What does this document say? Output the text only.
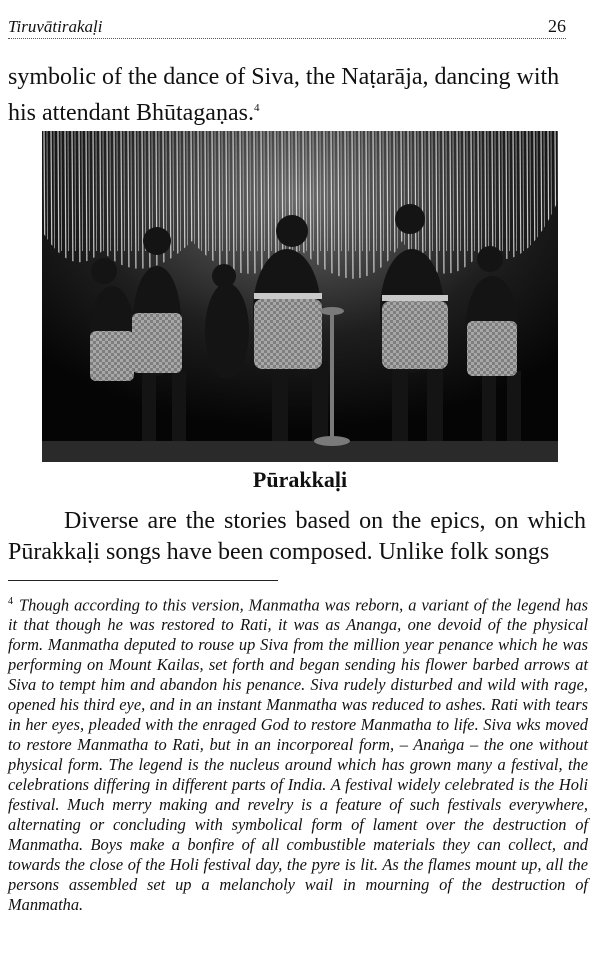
Tiruvātirakaḷi	26

symbolic of the dance of Siva, the Naṭarāja, dancing with his attendant Bhūtagaṇas.$^4$

Pūrakkaḷi

Diverse are the stories based on the epics, on which Pūrakkaḷi songs have been composed. Unlike folk songs

$^4$ Though according to this version, Manmatha was reborn, a variant of the legend has it that though he was restored to Rati, it was as Ananga, one devoid of the physical form. Manmatha deputed to rouse up Siva from the million year penance which he was performing on Mount Kailas, set forth and began sending his flower barbed arrows at Siva to tempt him and abandon his penance. Siva rudely disturbed and wild with rage, opened his third eye, and in an instant Manmatha was reduced to ashes. Rati with tears in her eyes, pleaded with the enraged God to restore Manmatha to life. Siva wks moved to restore Manmatha to Rati, but in an incorporeal form, – Anaṅga – the one without physical form. The legend is the nucleus around which has grown many a festival, the celebrations differing in different parts of India. A festival widely celebrated is the Holi festival. Much merry making and revelry is a feature of such festivals everywhere, alternating or concluding with symbolical form of lament over the destruction of Manmatha. Boys make a bonfire of all combustible materials they can collect, and towards the close of the Holi festival day, the pyre is lit. As the flames mount up, all the persons assembled set up a melancholy wail in mourning of the destruction of Manmatha.
